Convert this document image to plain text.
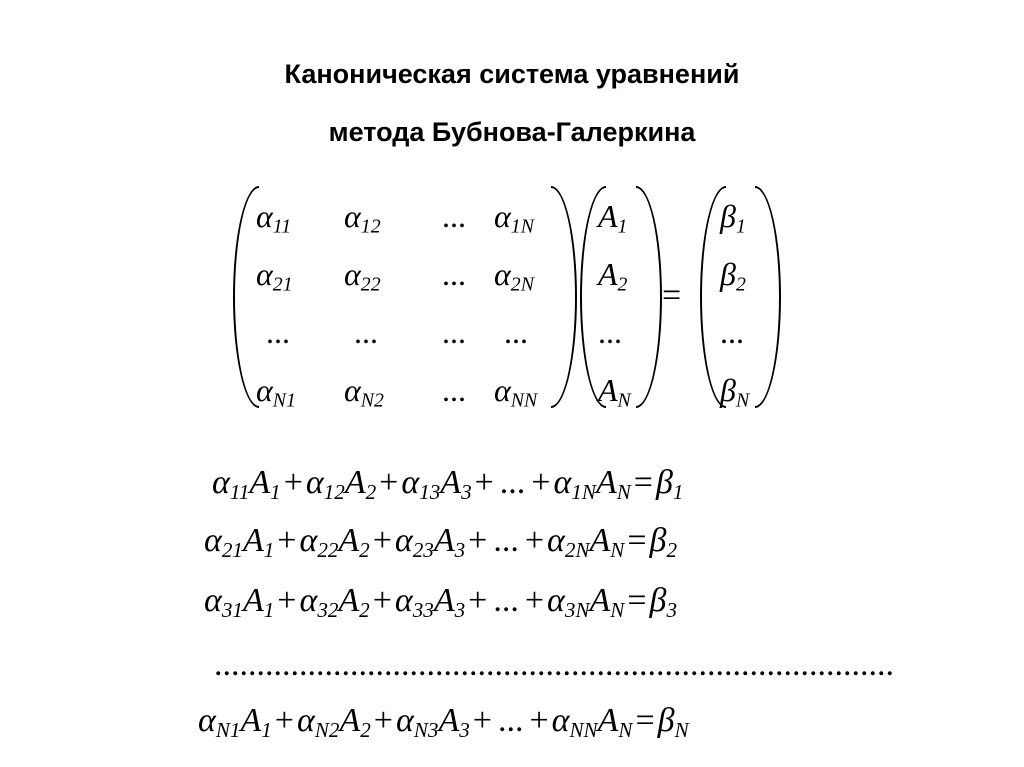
Каноническая система уравнений
метода Бубнова-Галеркина
$\alpha_{11}$ $\alpha_{12}$ ... $\alpha_{1N}$ $A_1$	$\beta_1$
$\alpha_{21}$ $\alpha_{22}$ ... $\alpha_{2N}$ $A_2$	$\beta_2$
... ... ... ... ...	...
$\alpha_{N1}$ $\alpha_{N2}$ ... $\alpha_{NN}$ $A_N$	$\beta_N$
=
$\alpha_{11}A_1+\alpha_{12}A_2+\alpha_{13}A_3+$ ... $+\alpha_{1N}A_N=\beta_1$
$\alpha_{21}A_1+\alpha_{22}A_2+\alpha_{23}A_3+$ ... $+\alpha_{2N}A_N=\beta_2$
$\alpha_{31}A_1+\alpha_{32}A_2+\alpha_{33}A_3+$ ... $+\alpha_{3N}A_N=\beta_3$
$\alpha_{N1}A_1+\alpha_{N2}A_2+\alpha_{N3}A_3+$ ... $+\alpha_{NN}A_N=\beta_N$
................................................................................
